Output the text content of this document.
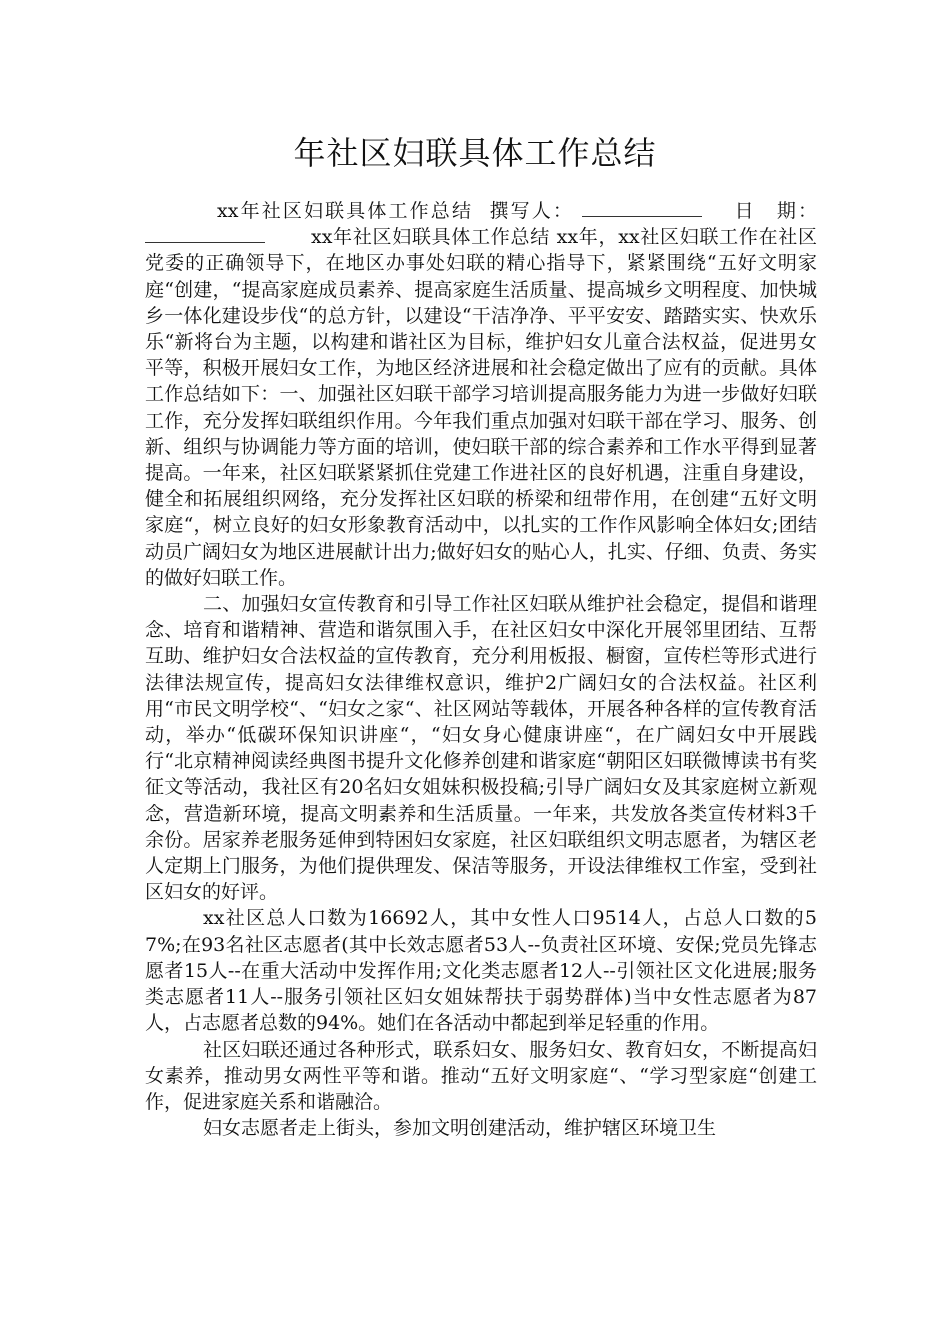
年社区妇联具体工作总结

xx年社区妇联具体工作总结 撰写人：	日　期：xx年社区妇联具体工作总结 xx年，xx社区妇联工作在社区党委的正确领导下，在地区办事处妇联的精心指导下，紧紧围绕“五好文明家庭“创建，“提高家庭成员素养、提高家庭生活质量、提高城乡文明程度、加快城乡一体化建设步伐“的总方针，以建设“干洁净净、平平安安、踏踏实实、快欢乐乐“新将台为主题，以构建和谐社区为目标，维护妇女儿童合法权益，促进男女平等，积极开展妇女工作，为地区经济进展和社会稳定做出了应有的贡献。具体工作总结如下：一、加强社区妇联干部学习培训提高服务能力为进一步做好妇联工作，充分发挥妇联组织作用。今年我们重点加强对妇联干部在学习、服务、创新、组织与协调能力等方面的培训，使妇联干部的综合素养和工作水平得到显著提高。一年来，社区妇联紧紧抓住党建工作进社区的良好机遇，注重自身建设，健全和拓展组织网络，充分发挥社区妇联的桥梁和纽带作用，在创建“五好文明家庭“，树立良好的妇女形象教育活动中，以扎实的工作作风影响全体妇女;团结动员广阔妇女为地区进展献计出力;做好妇女的贴心人，扎实、仔细、负责、务实的做好妇联工作。

二、加强妇女宣传教育和引导工作社区妇联从维护社会稳定，提倡和谐理念、培育和谐精神、营造和谐氛围入手，在社区妇女中深化开展邻里团结、互帮互助、维护妇女合法权益的宣传教育，充分利用板报、橱窗，宣传栏等形式进行法律法规宣传，提高妇女法律维权意识，维护2广阔妇女的合法权益。社区利用“市民文明学校“、“妇女之家“、社区网站等载体，开展各种各样的宣传教育活动，举办“低碳环保知识讲座“，“妇女身心健康讲座“，在广阔妇女中开展践行“北京精神阅读经典图书提升文化修养创建和谐家庭“朝阳区妇联微博读书有奖征文等活动，我社区有20名妇女姐妹积极投稿;引导广阔妇女及其家庭树立新观念，营造新环境，提高文明素养和生活质量。一年来，共发放各类宣传材料3千余份。居家养老服务延伸到特困妇女家庭，社区妇联组织文明志愿者，为辖区老人定期上门服务，为他们提供理发、保洁等服务，开设法律维权工作室，受到社区妇女的好评。

xx社区总人口数为16692人，其中女性人口9514人，占总人口数的57%;在93名社区志愿者(其中长效志愿者53人--负责社区环境、安保;党员先锋志愿者15人--在重大活动中发挥作用;文化类志愿者12人--引领社区文化进展;服务类志愿者11人--服务引领社区妇女姐妹帮扶于弱势群体)当中女性志愿者为87人，占志愿者总数的94%。她们在各活动中都起到举足轻重的作用。

社区妇联还通过各种形式，联系妇女、服务妇女、教育妇女，不断提高妇女素养，推动男女两性平等和谐。推动“五好文明家庭“、“学习型家庭“创建工作，促进家庭关系和谐融洽。

妇女志愿者走上街头，参加文明创建活动，维护辖区环境卫生
